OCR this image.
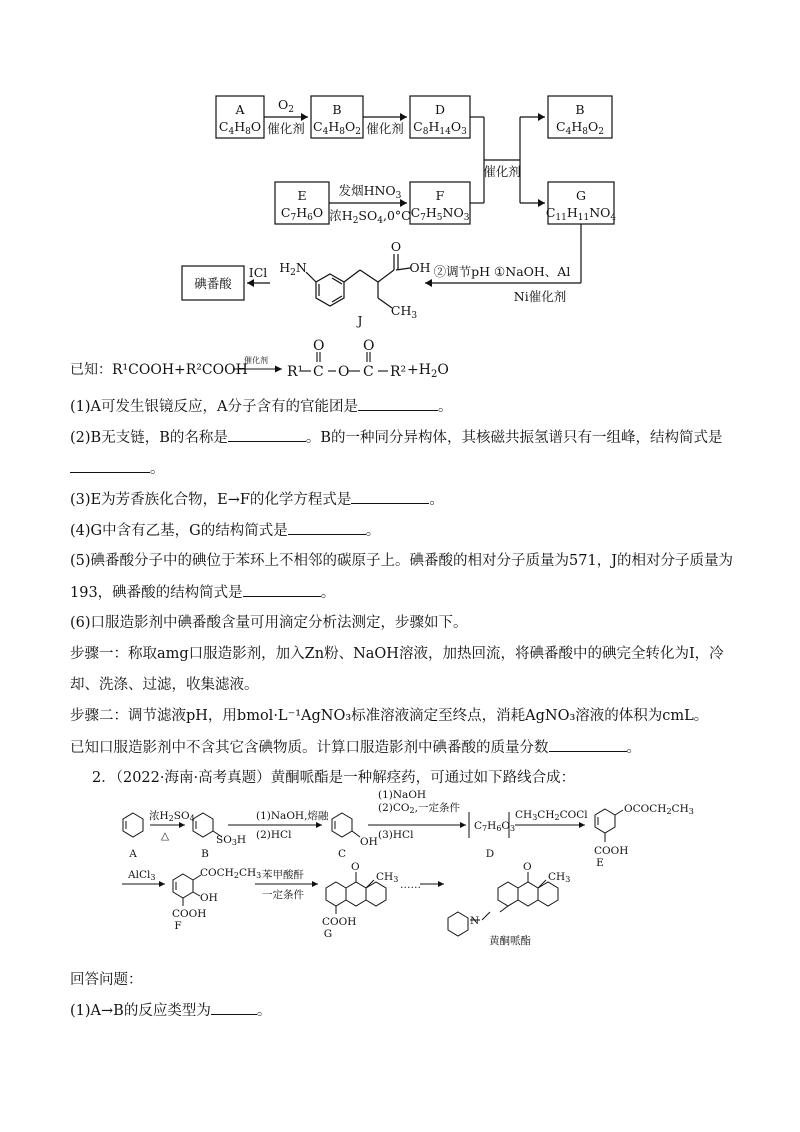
A
$C_4H_8O$
B
$C_4H_8O_2$
D
$C_8H_{14}O_3$
B
$C_4H_8O_2$
E
$C_7H_6O$
F
$C_7H_5NO_3$
G
$C_{11}H_{11}NO_4$
$O_2$
催化剂	催化剂
催化剂
发烟$HNO_3$
浓$H_2SO_4,0^\circ C$
②调节pH ①NaOH、Al
Ni催化剂
ICl
碘番酸
J
$H_2N$
O
OH
$CH_3$
已知：R¹COOH+R²COOH
催化剂
R¹ C
O
O C
O
$R^2 +H_2O$
(1)A可发生银镜反应，A分子含有的官能团是	。
(2)B无支链，B的名称是	。B的一种同分异构体，其核磁共振氢谱只有一组峰，结构简式是
。
(3)E为芳香族化合物，E→F的化学方程式是	。
(4)G中含有乙基，G的结构简式是	。
(5)碘番酸分子中的碘位于苯环上不相邻的碳原子上。碘番酸的相对分子质量为571，J的相对分子质量为
193，碘番酸的结构简式是	。
(6)口服造影剂中碘番酸含量可用滴定分析法测定，步骤如下。
步骤一：称取amg口服造影剂，加入Zn粉、NaOH溶液，加热回流，将碘番酸中的碘完全转化为I，冷
却、洗涤、过滤，收集滤液。
步骤二：调节滤液pH，用bmol·L⁻¹AgNO₃标准溶液滴定至终点，消耗AgNO₃溶液的体积为cmL。
已知口服造影剂中不含其它含碘物质。计算口服造影剂中碘番酸的质量分数	。
2．（2022·海南·高考真题）黄酮哌酯是一种解痉药，可通过如下路线合成：
浓H2SO4
△
(1)NaOH,熔融
(2)HCl
(1)NaOH
(2)CO2,一定条件
(3)HCl
C7H6O3
CH3CH2COCl	OCOCH2CH3
COOH
SO3H	OH
AlCl3	COCH2CH3
OH
COOH
苯甲酸酐
一定条件
O
CH3
COOH
……
O
CH3
N
A	B	C	D
E
F
G
黄酮哌酯
回答问题：
(1)A→B的反应类型为	。
